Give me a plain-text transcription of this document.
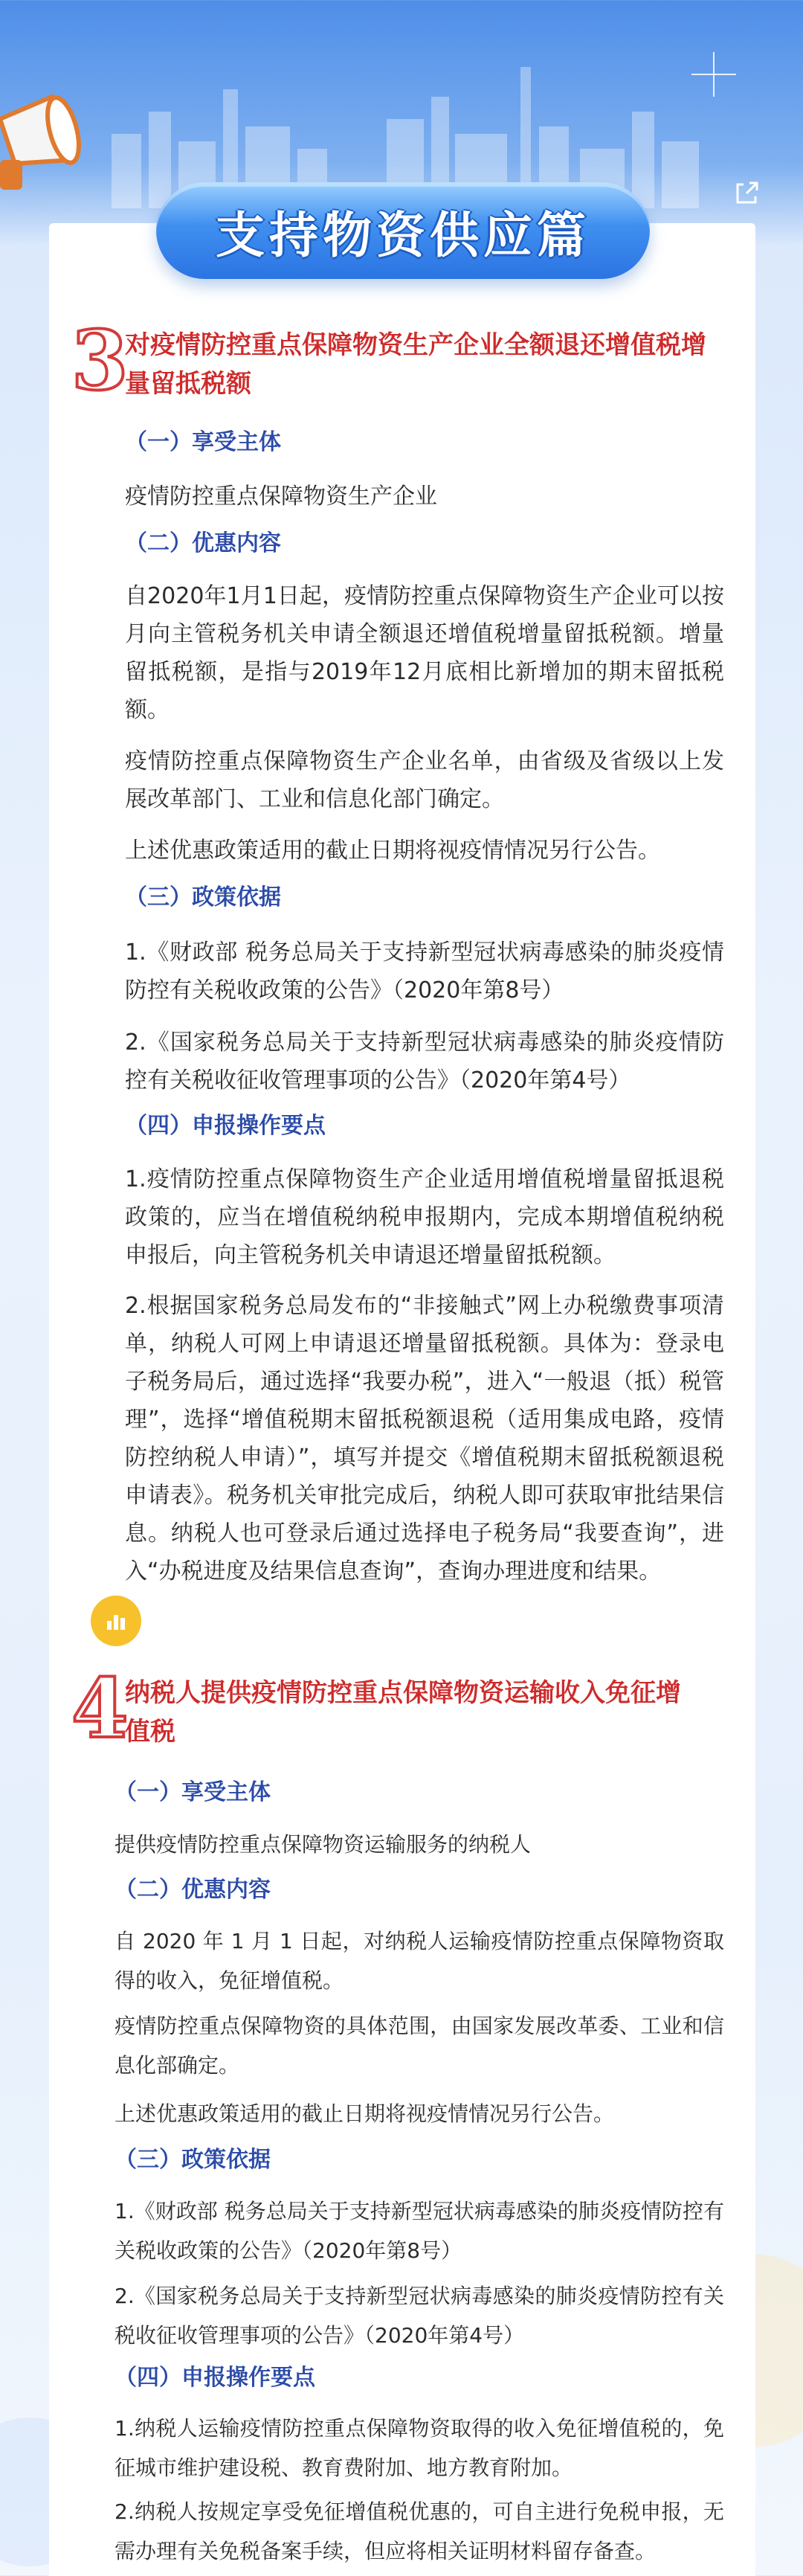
支持物资供应篇
3
对疫情防控重点保障物资生产企业全额退还增值税增
量留抵税额
（一）享受主体
疫情防控重点保障物资生产企业
（二）优惠内容
自2020年1月1日起，疫情防控重点保障物资生产企业可以按月向主管税务机关申请全额退还增值税增量留抵税额。增量留抵税额，是指与2019年12月底相比新增加的期末留抵税额。
疫情防控重点保障物资生产企业名单，由省级及省级以上发展改革部门、工业和信息化部门确定。
上述优惠政策适用的截止日期将视疫情情况另行公告。
（三）政策依据
1.《财政部 税务总局关于支持新型冠状病毒感染的肺炎疫情防控有关税收政策的公告》（2020年第8号）
2.《国家税务总局关于支持新型冠状病毒感染的肺炎疫情防控有关税收征收管理事项的公告》（2020年第4号）
（四）申报操作要点
1.疫情防控重点保障物资生产企业适用增值税增量留抵退税政策的，应当在增值税纳税申报期内，完成本期增值税纳税申报后，向主管税务机关申请退还增量留抵税额。
2.根据国家税务总局发布的“非接触式”网上办税缴费事项清单，纳税人可网上申请退还增量留抵税额。具体为：登录电子税务局后，通过选择“我要办税”，进入“一般退（抵）税管理”，选择“增值税期末留抵税额退税（适用集成电路，疫情防控纳税人申请）”，填写并提交《增值税期末留抵税额退税申请表》。税务机关审批完成后，纳税人即可获取审批结果信息。纳税人也可登录后通过选择电子税务局“我要查询”，进入“办税进度及结果信息查询”，查询办理进度和结果。
4
纳税人提供疫情防控重点保障物资运输收入免征增
值税
（一）享受主体
提供疫情防控重点保障物资运输服务的纳税人
（二）优惠内容
自 2020 年 1 月 1 日起，对纳税人运输疫情防控重点保障物资取得的收入，免征增值税。
疫情防控重点保障物资的具体范围，由国家发展改革委、工业和信息化部确定。
上述优惠政策适用的截止日期将视疫情情况另行公告。
（三）政策依据
1.《财政部 税务总局关于支持新型冠状病毒感染的肺炎疫情防控有关税收政策的公告》（2020年第8号）
2.《国家税务总局关于支持新型冠状病毒感染的肺炎疫情防控有关税收征收管理事项的公告》（2020年第4号）
（四）申报操作要点
1.纳税人运输疫情防控重点保障物资取得的收入免征增值税的，免征城市维护建设税、教育费附加、地方教育附加。
2.纳税人按规定享受免征增值税优惠的，可自主进行免税申报，无需办理有关免税备案手续，但应将相关证明材料留存备查。
